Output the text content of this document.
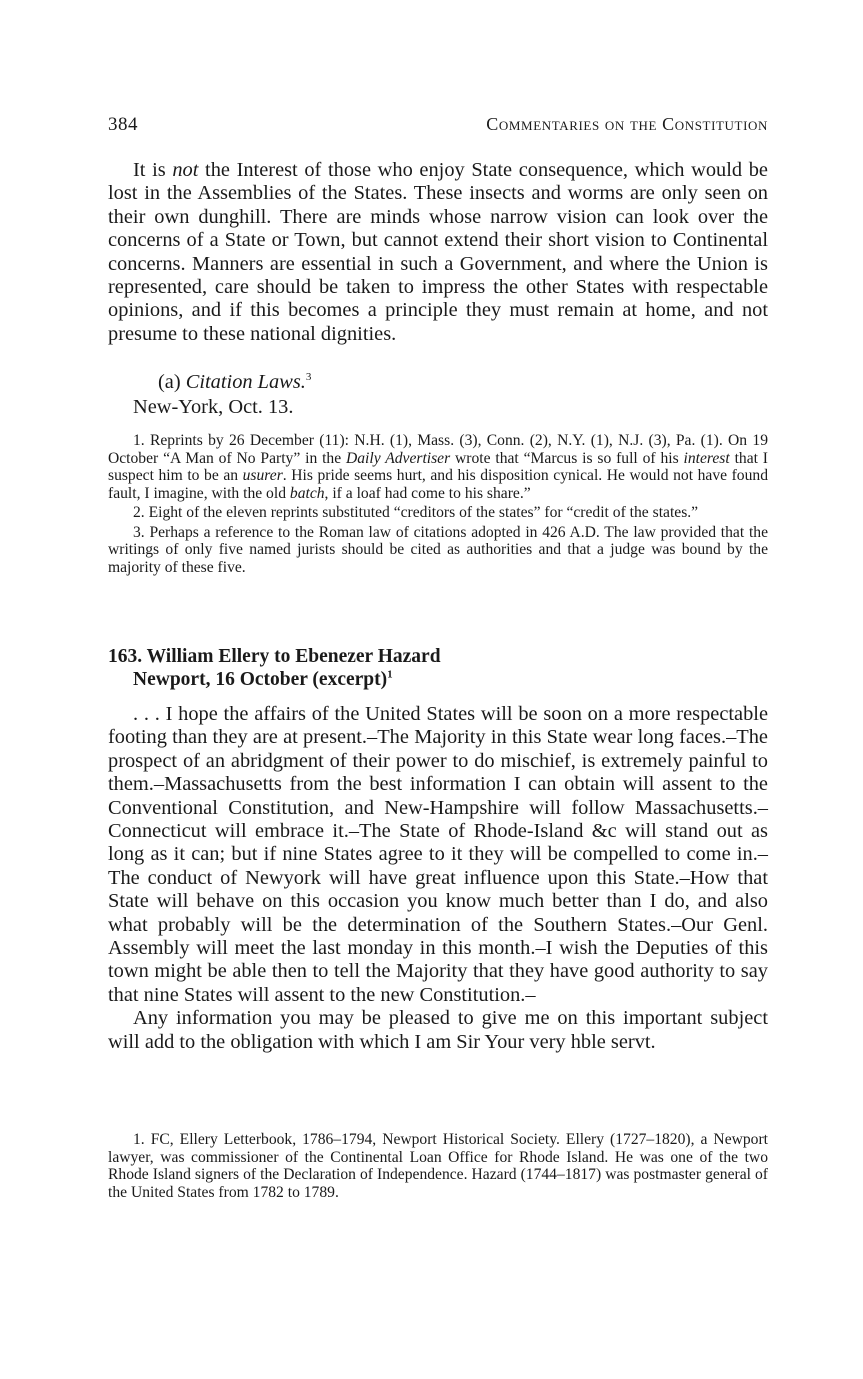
384	Commentaries on the Constitution

It is not the Interest of those who enjoy State consequence, which would be lost in the Assemblies of the States. These insects and worms are only seen on their own dunghill. There are minds whose narrow vision can look over the concerns of a State or Town, but cannot extend their short vision to Continental concerns. Manners are essential in such a Government, and where the Union is represented, care should be taken to impress the other States with respectable opinions, and if this becomes a principle they must remain at home, and not presume to these national dignities.

(a) Citation Laws.$^3$
New-York, Oct. 13.

1. Reprints by 26 December (11): N.H. (1), Mass. (3), Conn. (2), N.Y. (1), N.J. (3), Pa. (1). On 19 October “A Man of No Party” in the Daily Advertiser wrote that “Marcus is so full of his interest that I suspect him to be an usurer. His pride seems hurt, and his disposition cynical. He would not have found fault, I imagine, with the old batch, if a loaf had come to his share.”

2. Eight of the eleven reprints substituted “creditors of the states” for “credit of the states.”

3. Perhaps a reference to the Roman law of citations adopted in 426 A.D. The law provided that the writings of only five named jurists should be cited as authorities and that a judge was bound by the majority of these five.

163. William Ellery to Ebenezer Hazard
Newport, 16 October (excerpt)$^1$

. . . I hope the affairs of the United States will be soon on a more respectable footing than they are at present.–The Majority in this State wear long faces.–The prospect of an abridgment of their power to do mischief, is extremely painful to them.–Massachusetts from the best information I can obtain will assent to the Conventional Constitution, and New-Hampshire will follow Massachusetts.–Connecticut will embrace it.–The State of Rhode-Island &c will stand out as long as it can; but if nine States agree to it they will be compelled to come in.–The conduct of Newyork will have great influence upon this State.–How that State will behave on this occasion you know much better than I do, and also what probably will be the determination of the Southern States.–Our Genl. Assembly will meet the last monday in this month.–I wish the Deputies of this town might be able then to tell the Majority that they have good authority to say that nine States will assent to the new Constitution.–

Any information you may be pleased to give me on this important subject will add to the obligation with which I am Sir Your very hble servt.

1. FC, Ellery Letterbook, 1786–1794, Newport Historical Society. Ellery (1727–1820), a Newport lawyer, was commissioner of the Continental Loan Office for Rhode Island. He was one of the two Rhode Island signers of the Declaration of Independence. Hazard (1744–1817) was postmaster general of the United States from 1782 to 1789.
